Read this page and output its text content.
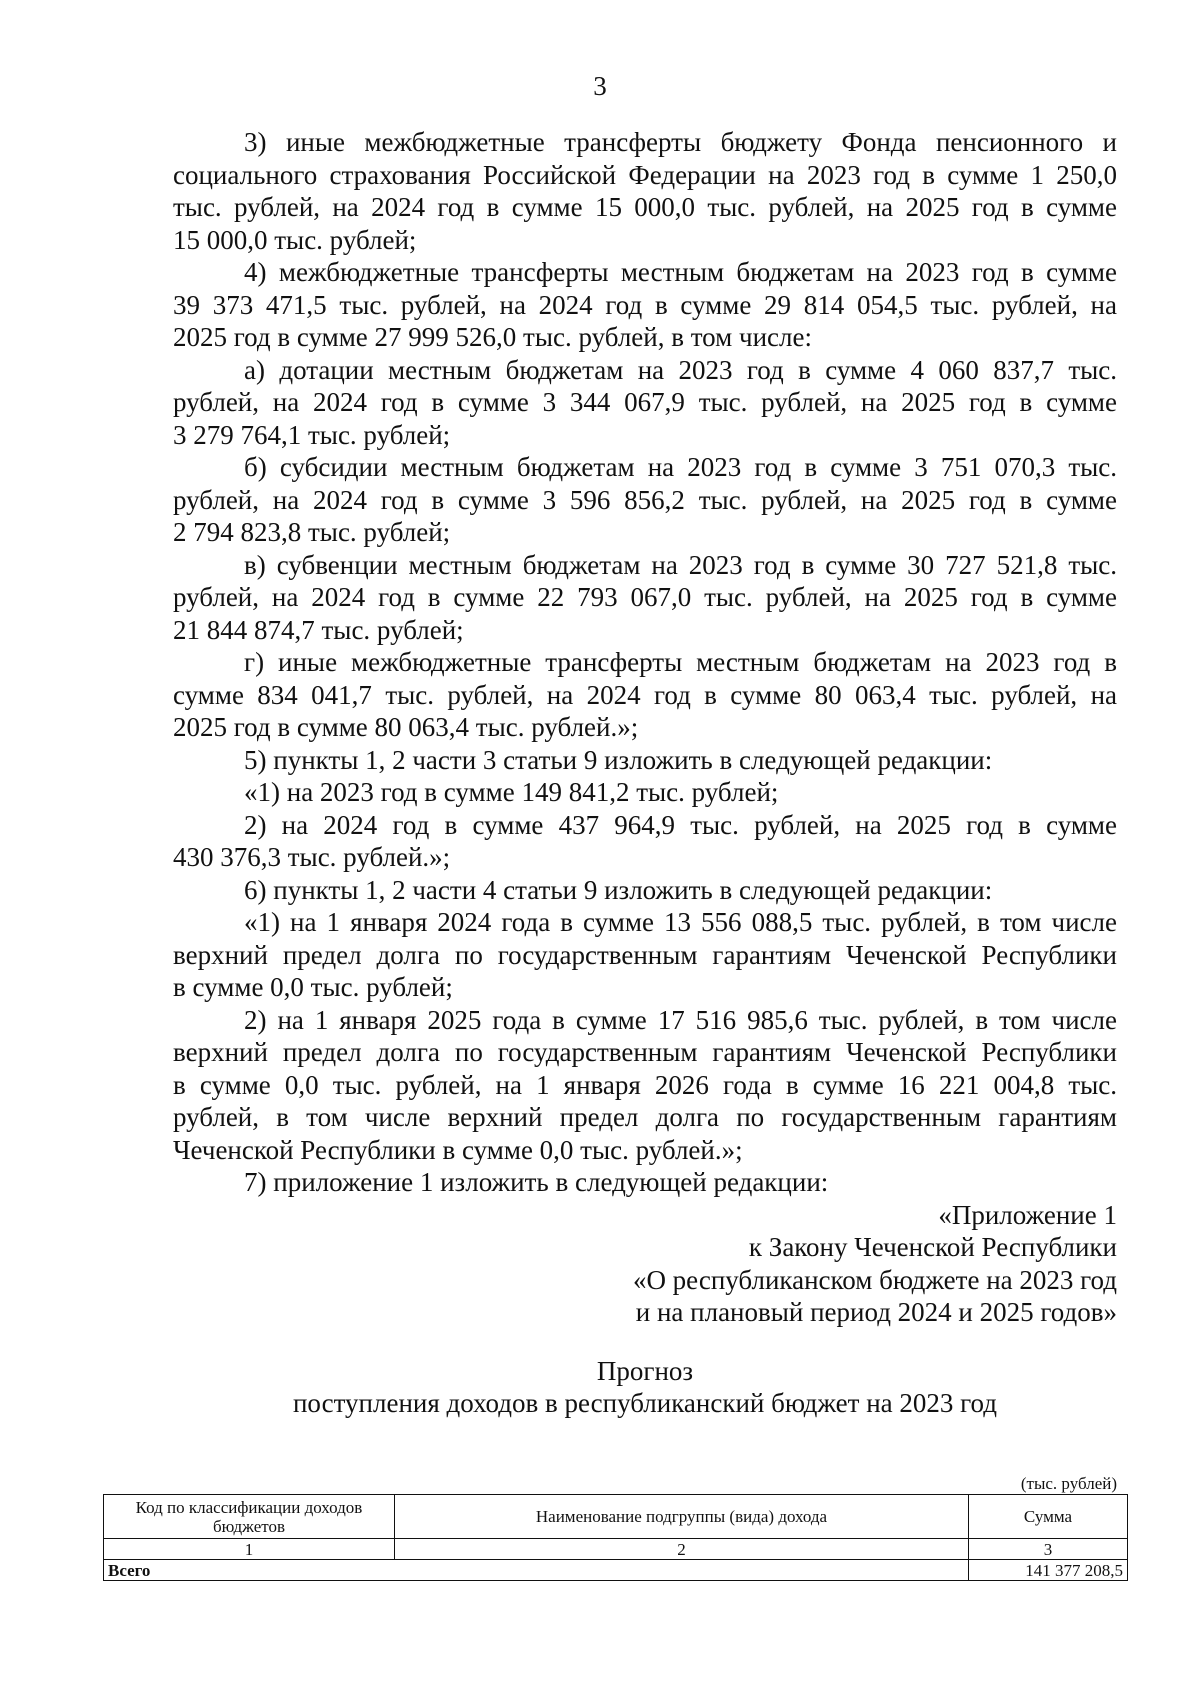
3
3) иные межбюджетные трансферты бюджету Фонда пенсионного и
социального страхования Российской Федерации на 2023 год в сумме 1 250,0
тыс. рублей, на 2024 год в сумме 15 000,0 тыс. рублей, на 2025 год в сумме
15 000,0 тыс. рублей;
4) межбюджетные трансферты местным бюджетам на 2023 год в сумме
39 373 471,5 тыс. рублей, на 2024 год в сумме 29 814 054,5 тыс. рублей, на
2025 год в сумме 27 999 526,0 тыс. рублей, в том числе:
а) дотации местным бюджетам на 2023 год в сумме 4 060 837,7 тыс.
рублей, на 2024 год в сумме 3 344 067,9 тыс. рублей, на 2025 год в сумме
3 279 764,1 тыс. рублей;
б) субсидии местным бюджетам на 2023 год в сумме 3 751 070,3 тыс.
рублей, на 2024 год в сумме 3 596 856,2 тыс. рублей, на 2025 год в сумме
2 794 823,8 тыс. рублей;
в) субвенции местным бюджетам на 2023 год в сумме 30 727 521,8 тыс.
рублей, на 2024 год в сумме 22 793 067,0 тыс. рублей, на 2025 год в сумме
21 844 874,7 тыс. рублей;
г) иные межбюджетные трансферты местным бюджетам на 2023 год в
сумме 834 041,7 тыс. рублей, на 2024 год в сумме 80 063,4 тыс. рублей, на
2025 год в сумме 80 063,4 тыс. рублей.»;
5) пункты 1, 2 части 3 статьи 9 изложить в следующей редакции:
«1) на 2023 год в сумме 149 841,2 тыс. рублей;
2) на 2024 год в сумме 437 964,9 тыс. рублей, на 2025 год в сумме
430 376,3 тыс. рублей.»;
6) пункты 1, 2 части 4 статьи 9 изложить в следующей редакции:
«1) на 1 января 2024 года в сумме 13 556 088,5 тыс. рублей, в том числе
верхний предел долга по государственным гарантиям Чеченской Республики
в сумме 0,0 тыс. рублей;
2) на 1 января 2025 года в сумме 17 516 985,6 тыс. рублей, в том числе
верхний предел долга по государственным гарантиям Чеченской Республики
в сумме 0,0 тыс. рублей, на 1 января 2026 года в сумме 16 221 004,8 тыс.
рублей, в том числе верхний предел долга по государственным гарантиям
Чеченской Республики в сумме 0,0 тыс. рублей.»;
7) приложение 1 изложить в следующей редакции:
«Приложение 1
к Закону Чеченской Республики
«О республиканском бюджете на 2023 год
и на плановый период 2024 и 2025 годов»
Прогноз
поступления доходов в республиканский бюджет на 2023 год
(тыс. рублей)
Код по классификации доходов бюджетов	Наименование подгруппы (вида) дохода	Сумма
1	2	3
Всего		141 377 208,5
